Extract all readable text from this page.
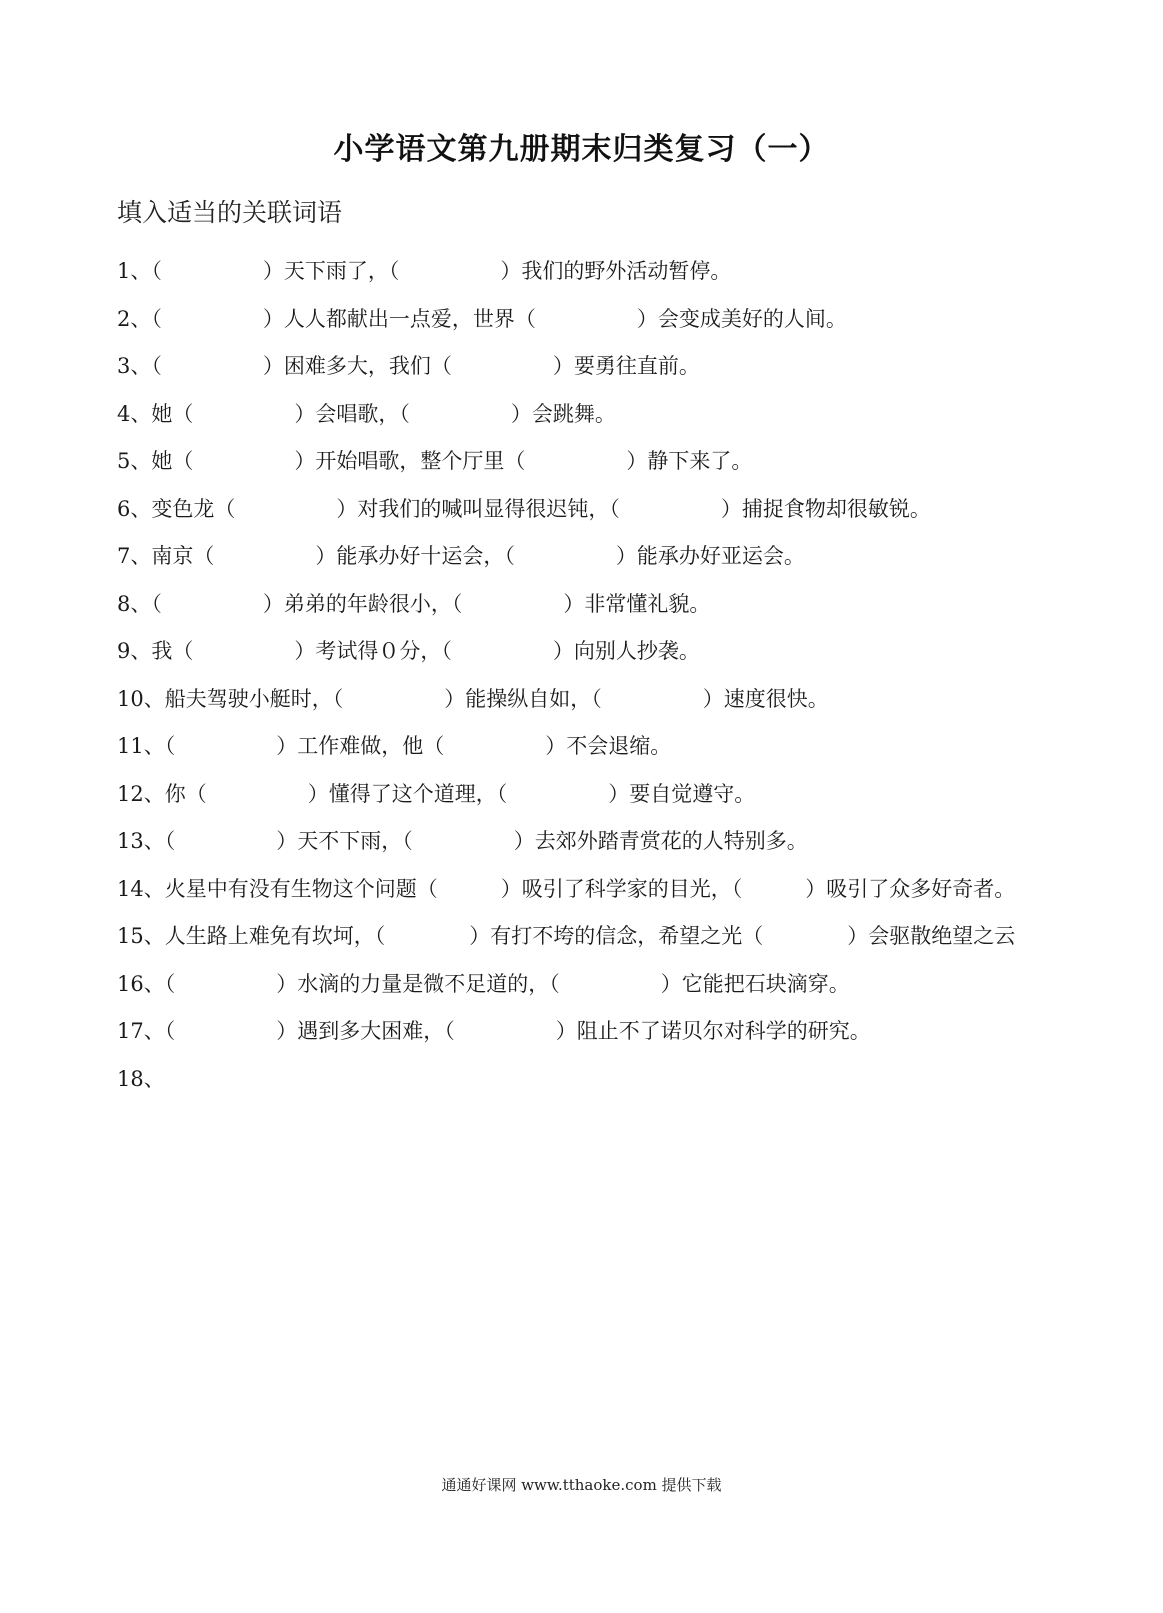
小学语文第九册期末归类复习（一）
填入适当的关联词语
1、（	）天下雨了，（	）我们的野外活动暂停。
2、（	）人人都献出一点爱，世界（	）会变成美好的人间。
3、（	）困难多大，我们（	）要勇往直前。
4、她（	）会唱歌，（	）会跳舞。
5、她（	）开始唱歌，整个厅里（	）静下来了。
6、变色龙（	）对我们的喊叫显得很迟钝，（	）捕捉食物却很敏锐。
7、南京（	）能承办好十运会，（	）能承办好亚运会。
8、（	）弟弟的年龄很小，（	）非常懂礼貌。
9、我（	）考试得０分，（	）向别人抄袭。
10、船夫驾驶小艇时，（	）能操纵自如，（	）速度很快。
11、（	）工作难做，他（	）不会退缩。
12、你（	）懂得了这个道理，（	）要自觉遵守。
13、（	）天不下雨，（	）去郊外踏青赏花的人特别多。
14、火星中有没有生物这个问题（	）吸引了科学家的目光，（	）吸引了众多好奇者。
15、人生路上难免有坎坷，（	）有打不垮的信念，希望之光（	）会驱散绝望之云
16、（	）水滴的力量是微不足道的，（	）它能把石块滴穿。
17、（	）遇到多大困难，（	）阻止不了诺贝尔对科学的研究。
18、
通通好课网 www.tthaoke.com 提供下载
